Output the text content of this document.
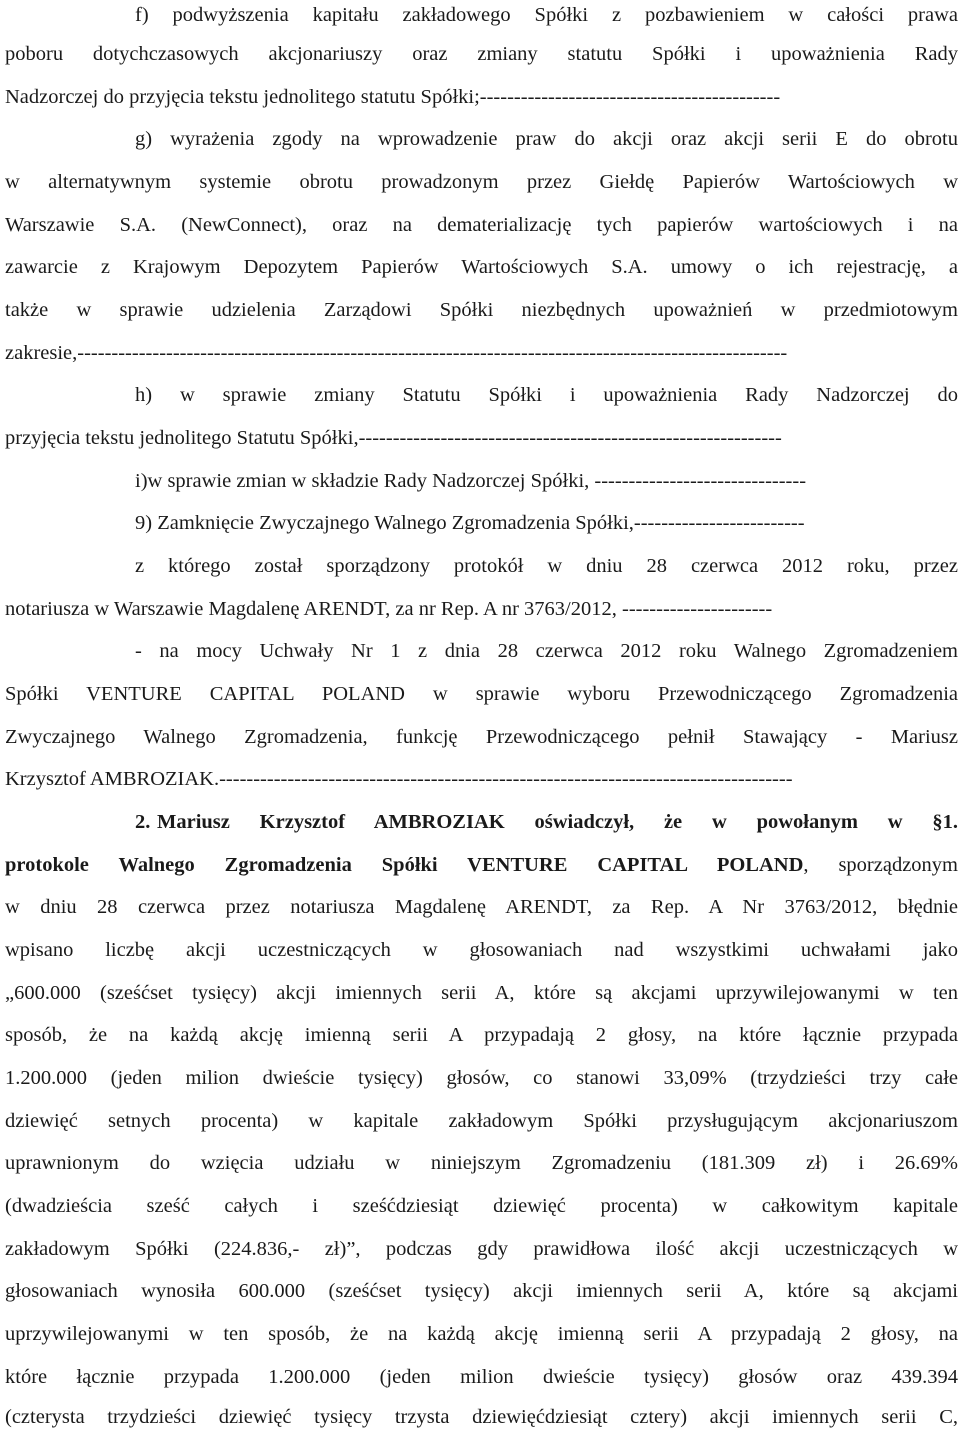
f) podwyższenia kapitału zakładowego Spółki z pozbawieniem w całości prawa
poboru dotychczasowych akcjonariuszy oraz zmiany statutu Spółki i upoważnienia Rady
Nadzorczej do przyjęcia tekstu jednolitego statutu Spółki;--------------------------------------------
g) wyrażenia zgody na wprowadzenie praw do akcji oraz akcji serii E do obrotu
w alternatywnym systemie obrotu prowadzonym przez Giełdę Papierów Wartościowych w
Warszawie S.A. (NewConnect), oraz na dematerializację tych papierów wartościowych i na
zawarcie z Krajowym Depozytem Papierów Wartościowych S.A. umowy o ich rejestrację, a
także w sprawie udzielenia Zarządowi Spółki niezbędnych upoważnień w przedmiotowym
zakresie,--------------------------------------------------------------------------------------------------------
h) w sprawie zmiany Statutu Spółki i upoważnienia Rady Nadzorczej do
przyjęcia tekstu jednolitego Statutu Spółki,--------------------------------------------------------------
i)w sprawie zmian w składzie Rady Nadzorczej Spółki, -------------------------------
9) Zamknięcie Zwyczajnego Walnego Zgromadzenia Spółki,-------------------------
z którego został sporządzony protokół w dniu 28 czerwca 2012 roku, przez
notariusza w Warszawie Magdalenę ARENDT, za nr Rep. A nr 3763/2012, ----------------------
- na mocy Uchwały Nr 1 z dnia 28 czerwca 2012 roku Walnego Zgromadzeniem
Spółki VENTURE CAPITAL POLAND w sprawie wyboru Przewodniczącego Zgromadzenia
Zwyczajnego Walnego Zgromadzenia, funkcję Przewodniczącego pełnił Stawający - Mariusz
Krzysztof AMBROZIAK.------------------------------------------------------------------------------------
2. Mariusz Krzysztof AMBROZIAK oświadczył, że w powołanym w §1.
protokole Walnego Zgromadzenia Spółki VENTURE CAPITAL POLAND, sporządzonym
w dniu 28 czerwca przez notariusza Magdalenę ARENDT, za Rep. A Nr 3763/2012, błędnie
wpisano liczbę akcji uczestniczących w głosowaniach nad wszystkimi uchwałami jako
„600.000 (sześćset tysięcy) akcji imiennych serii A, które są akcjami uprzywilejowanymi w ten
sposób, że na każdą akcję imienną serii A przypadają 2 głosy, na które łącznie przypada
1.200.000 (jeden milion dwieście tysięcy) głosów, co stanowi 33,09% (trzydzieści trzy całe
dziewięć setnych procenta) w kapitale zakładowym Spółki przysługującym akcjonariuszom
uprawnionym do wzięcia udziału w niniejszym Zgromadzeniu (181.309 zł) i 26.69%
(dwadzieścia sześć całych i sześćdziesiąt dziewięć procenta) w całkowitym kapitale
zakładowym Spółki (224.836,- zł)”, podczas gdy prawidłowa ilość akcji uczestniczących w
głosowaniach wynosiła 600.000 (sześćset tysięcy) akcji imiennych serii A, które są akcjami
uprzywilejowanymi w ten sposób, że na każdą akcję imienną serii A przypadają 2 głosy, na
które łącznie przypada 1.200.000 (jeden milion dwieście tysięcy) głosów oraz 439.394
(czterysta trzydzieści dziewięć tysięcy trzysta dziewięćdziesiąt cztery) akcji imiennych serii C,
